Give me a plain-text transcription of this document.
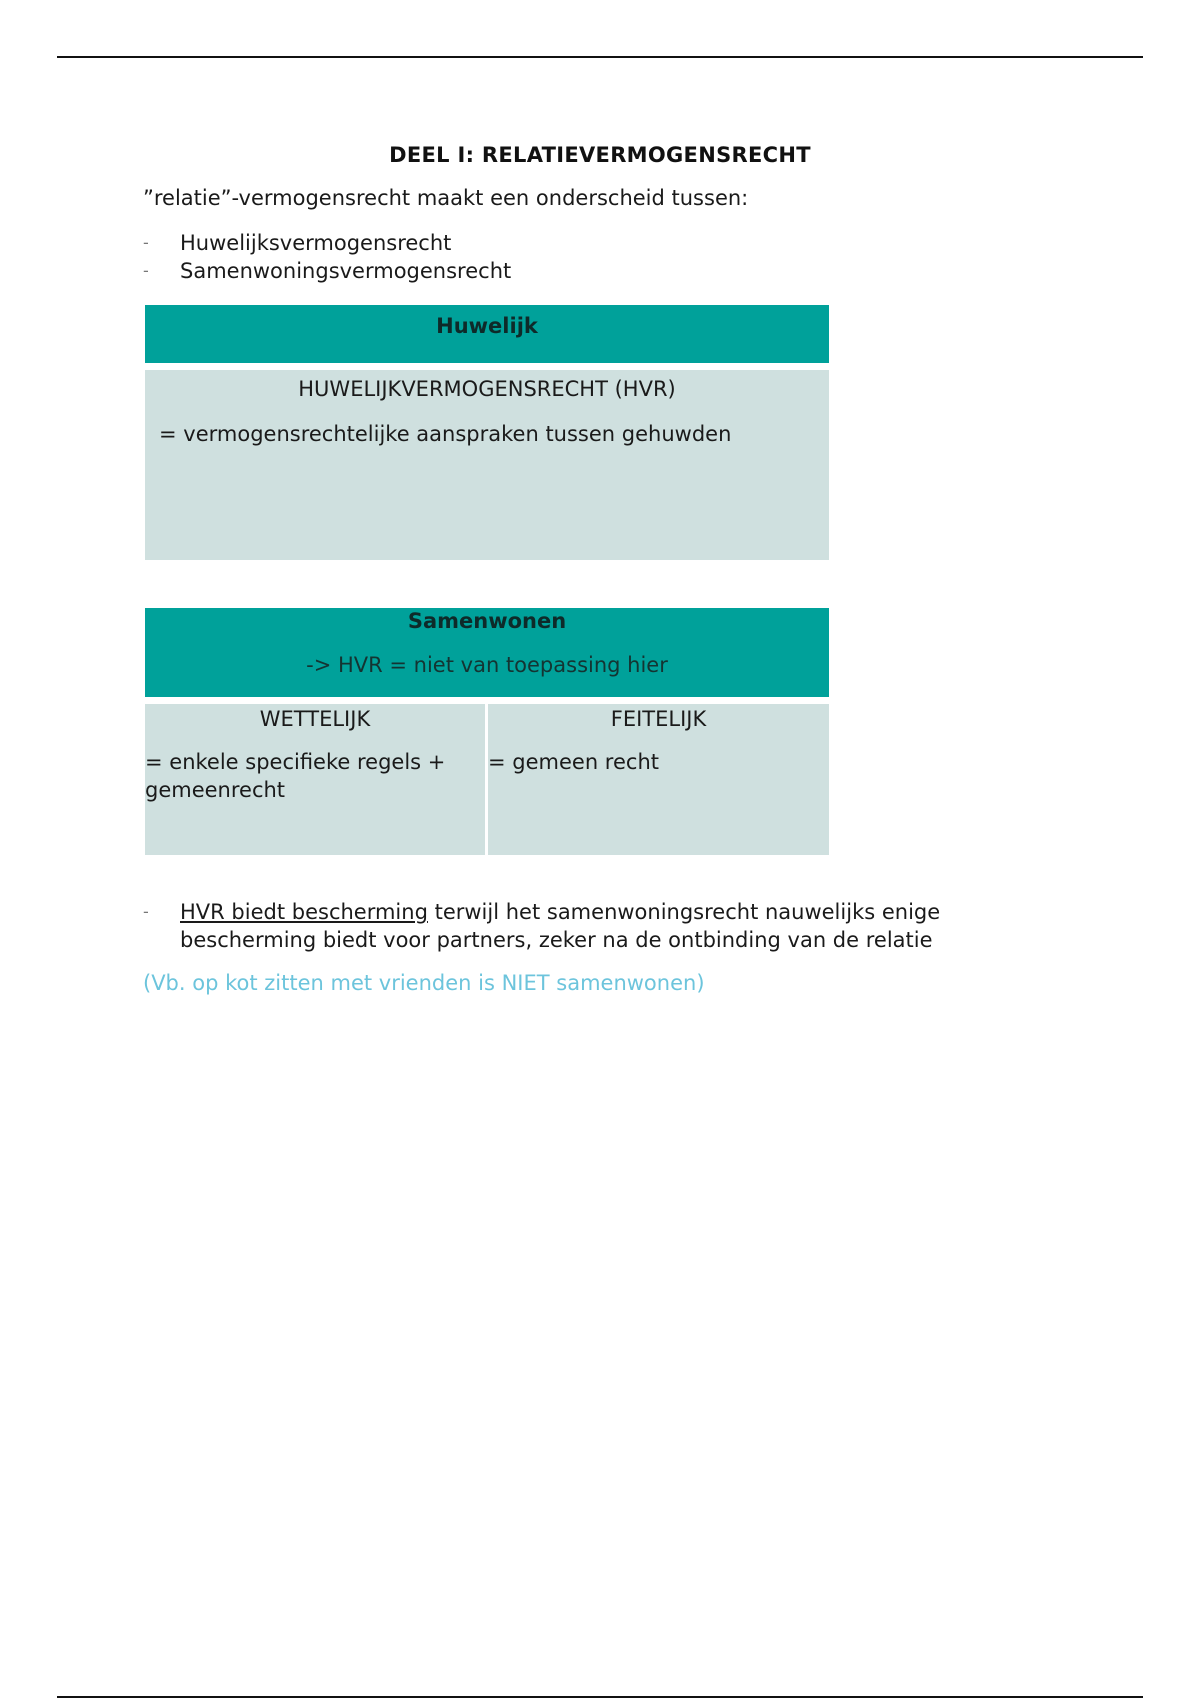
DEEL I: RELATIEVERMOGENSRECHT
”relatie”-vermogensrecht maakt een onderscheid tussen:
- Huwelijksvermogensrecht
- Samenwoningsvermogensrecht
Huwelijk
HUWELIJKVERMOGENSRECHT (HVR)
= vermogensrechtelijke aanspraken tussen gehuwden
Samenwonen
-> HVR = niet van toepassing hier
WETTELIJK
= enkele specifieke regels + gemeenrecht
FEITELIJK
= gemeen recht
- HVR biedt bescherming terwijl het samenwoningsrecht nauwelijks enige bescherming biedt voor partners, zeker na de ontbinding van de relatie
(Vb. op kot zitten met vrienden is NIET samenwonen)
